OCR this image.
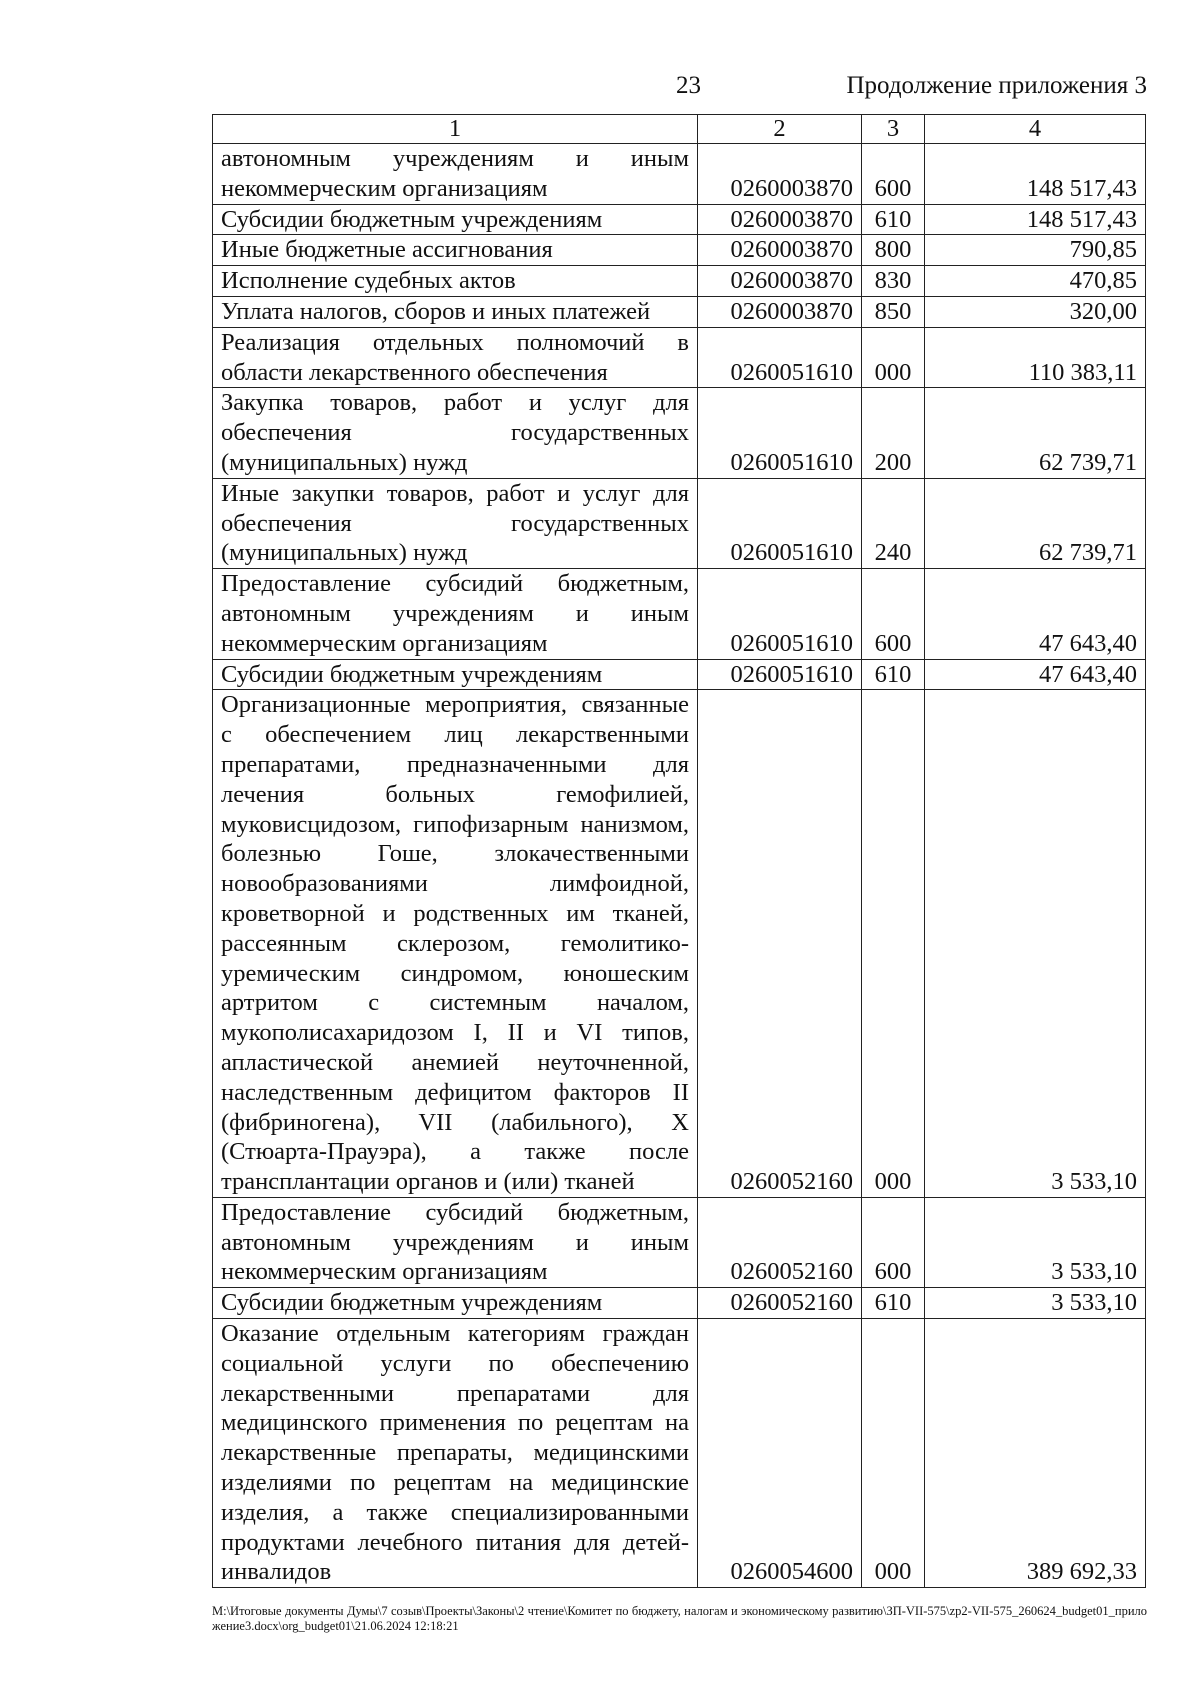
23	Продолжение приложения 3
1	2	3	4
автономным учреждениям и иным некоммерческим организациям	0260003870	600	148 517,43
Субсидии бюджетным учреждениям	0260003870	610	148 517,43
Иные бюджетные ассигнования	0260003870	800	790,85
Исполнение судебных актов	0260003870	830	470,85
Уплата налогов, сборов и иных платежей	0260003870	850	320,00
Реализация отдельных полномочий в области лекарственного обеспечения	0260051610	000	110 383,11
Закупка товаров, работ и услуг для обеспечения государственных (муниципальных) нужд	0260051610	200	62 739,71
Иные закупки товаров, работ и услуг для обеспечения государственных (муниципальных) нужд	0260051610	240	62 739,71
Предоставление субсидий бюджетным, автономным учреждениям и иным некоммерческим организациям	0260051610	600	47 643,40
Субсидии бюджетным учреждениям	0260051610	610	47 643,40
Организационные мероприятия, связанные с обеспечением лиц лекарственными препаратами, предназначенными для лечения больных гемофилией, муковисцидозом, гипофизарным нанизмом, болезнью Гоше, злокачественными новообразованиями лимфоидной, кроветворной и родственных им тканей, рассеянным склерозом, гемолитико-уремическим синдромом, юношеским артритом с системным началом, мукополисахаридозом I, II и VI типов, апластической анемией неуточненной, наследственным дефицитом факторов II (фибриногена), VII (лабильного), X (Стюарта-Прауэра), а также после трансплантации органов и (или) тканей	0260052160	000	3 533,10
Предоставление субсидий бюджетным, автономным учреждениям и иным некоммерческим организациям	0260052160	600	3 533,10
Субсидии бюджетным учреждениям	0260052160	610	3 533,10
Оказание отдельным категориям граждан социальной услуги по обеспечению лекарственными препаратами для медицинского применения по рецептам на лекарственные препараты, медицинскими изделиями по рецептам на медицинские изделия, а также специализированными продуктами лечебного питания для детей-инвалидов	0260054600	000	389 692,33
М:\Итоговые документы Думы\7 созыв\Проекты\Законы\2 чтение\Комитет по бюджету, налогам и экономическому развитию\ЗП-VII-575\zp2-VII-575_260624_budget01_приложение3.docx\org_budget01\21.06.2024 12:18:21
